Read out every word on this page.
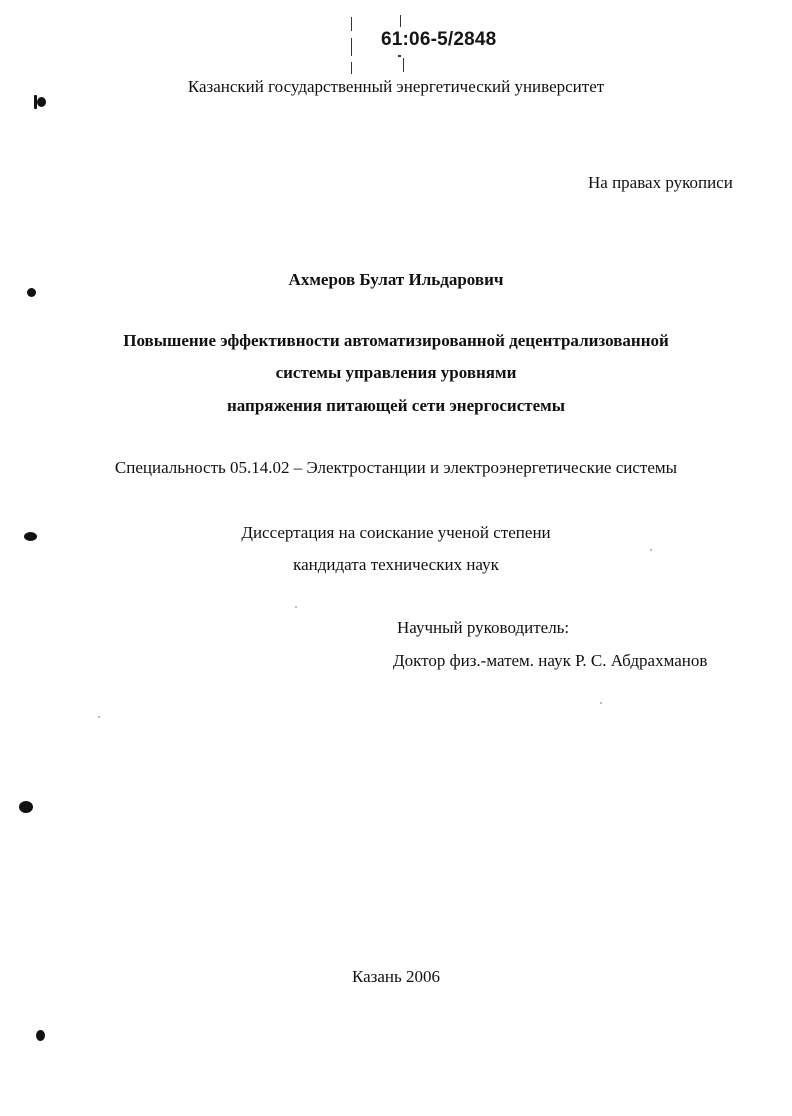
61:06-5/2848
Казанский государственный энергетический университет
На правах рукописи
Ахмеров Булат Ильдарович
Повышение эффективности автоматизированной децентрализованной
системы управления уровнями
напряжения питающей сети энергосистемы
Специальность 05.14.02 – Электростанции и электроэнергетические системы
Диссертация на соискание ученой степени
кандидата технических наук
Научный руководитель:
Доктор физ.-матем. наук Р. С. Абдрахманов
Казань 2006
